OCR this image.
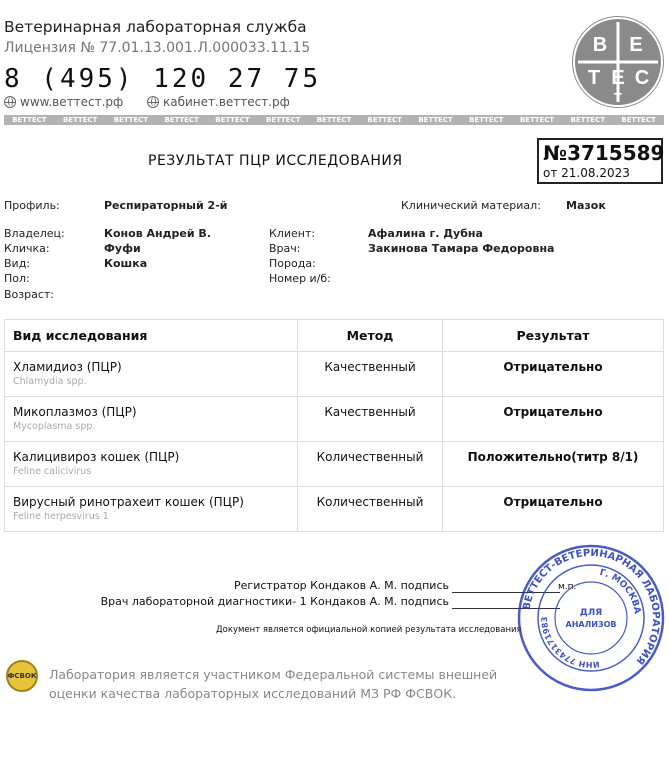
Ветеринарная лабораторная служба
Лицензия № 77.01.13.001.Л.000033.11.15
8 (495) 120 27 75
www.веттест.рф	кабинет.веттест.рф
В Е
Т Е С
Т
ВЕТТЕСТ	ВЕТТЕСТ	ВЕТТЕСТ	ВЕТТЕСТ	ВЕТТЕСТ	ВЕТТЕСТ	ВЕТТЕСТ	ВЕТТЕСТ	ВЕТТЕСТ	ВЕТТЕСТ	ВЕТТЕСТ	ВЕТТЕСТ	ВЕТТЕСТ
РЕЗУЛЬТАТ ПЦР ИССЛЕДОВАНИЯ	№3715589
от 21.08.2023
Профиль:	Респираторный 2-й	Клинический материал: Мазок
Владелец:	Конов Андрей В.
Кличка:	Фуфи
Вид:	Кошка
Пол:
Возраст:
Клиент:	Афалина г. Дубна
Врач:	Закинова Тамара Федоровна
Порода:
Номер и/б:
Вид исследования	Метод	Результат
Хламидиоз (ПЦР)
Chlamydia spp.	Качественный	Отрицательно
Микоплазмоз (ПЦР)
Mycoplasma spp.	Качественный	Отрицательно
Калицивироз кошек (ПЦР)
Feline calicivirus	Количественный	Положительно(титр 8/1)
Вирусный ринотрахеит кошек (ПЦР)
Feline herpesvirus 1	Количественный	Отрицательно
Регистратор Кондаков А. М. подпись
Врач лабораторной диагностики- 1 Кондаков А. М. подпись
м.п.
Документ является официальной копией результата исследования
ВЕТТЕСТ-ВЕТЕРИНАРНАЯ ЛАБОРАТОРИЯ
Г. МОСКВА
ИНН 7743171983
ДЛЯ
АНАЛИЗОВ
ФСВОК Лаборатория является участником Федеральной системы внешней оценки качества лабораторных исследований МЗ РФ ФСВОК.
